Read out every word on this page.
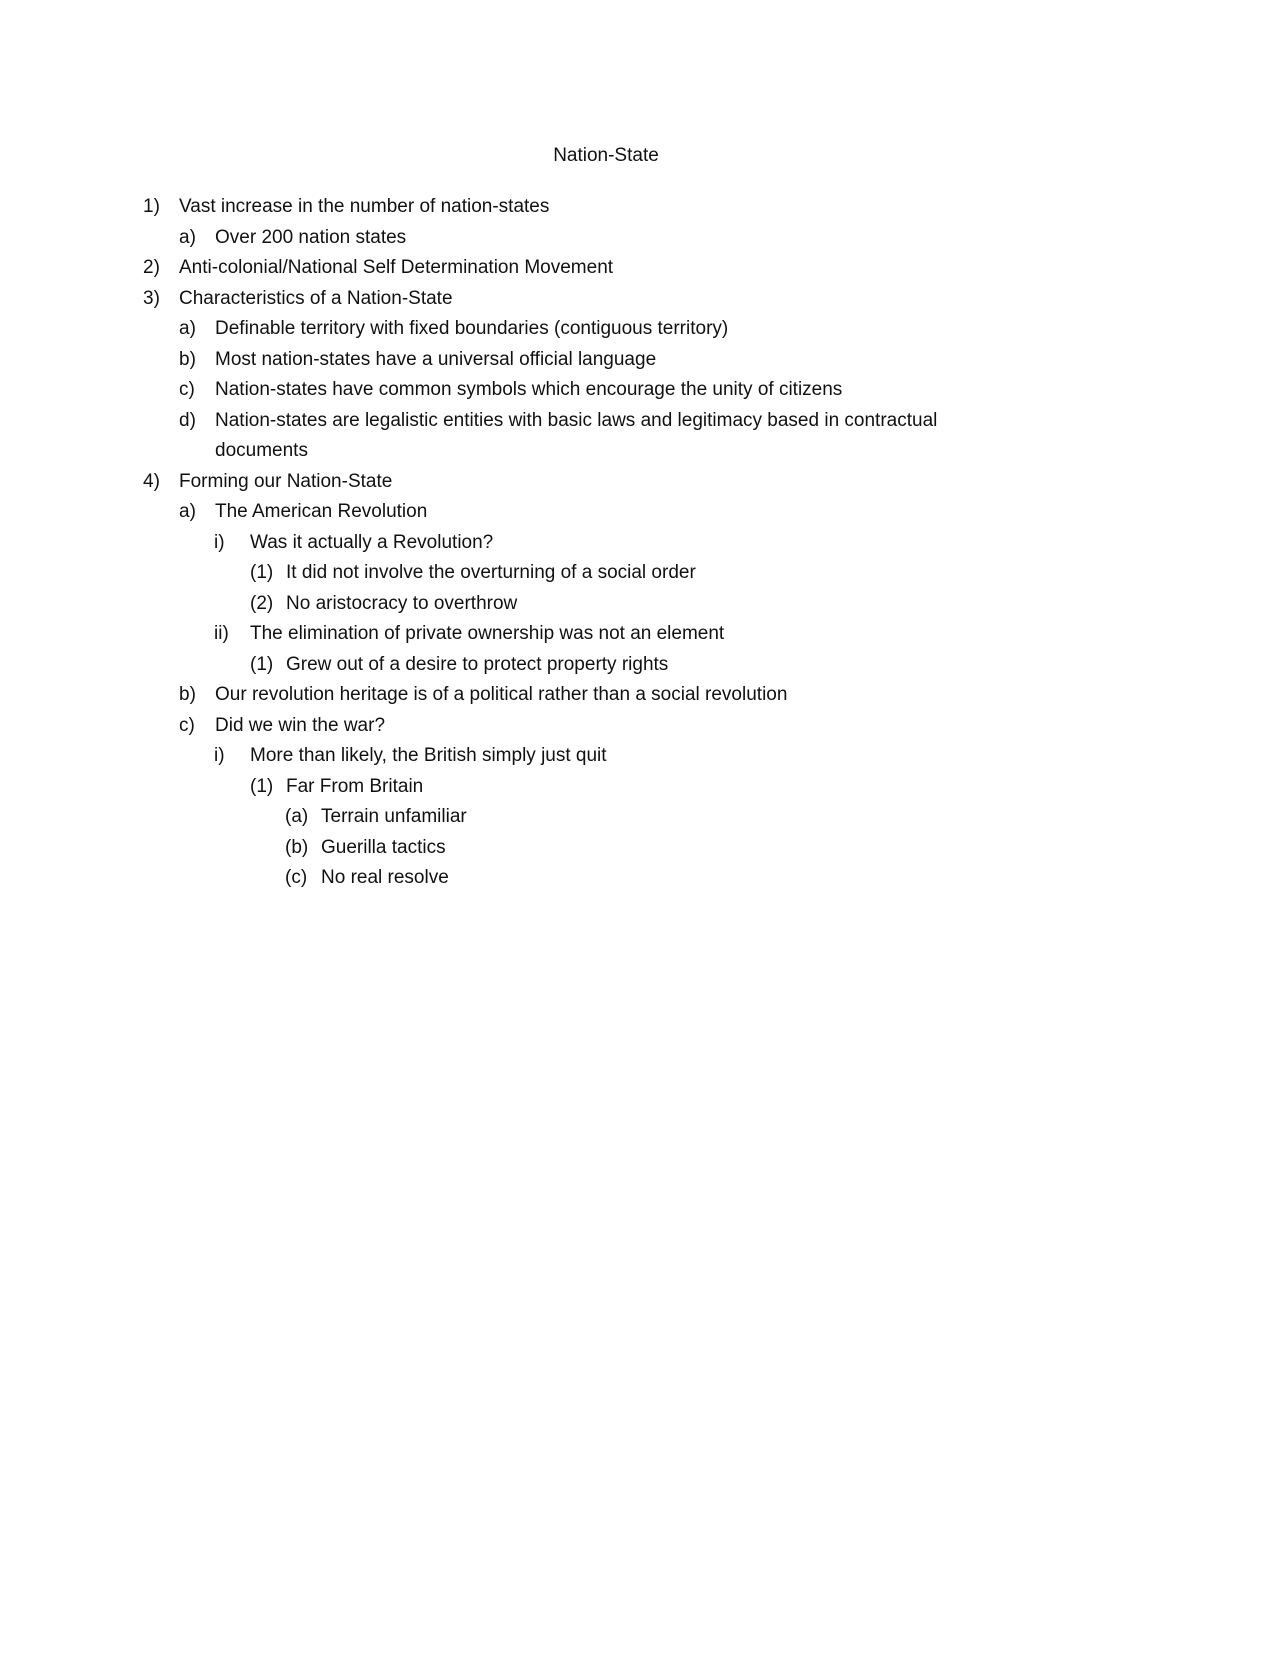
Nation-State
1) Vast increase in the number of nation-states
a) Over 200 nation states
2) Anti-colonial/National Self Determination Movement
3) Characteristics of a Nation-State
a) Definable territory with fixed boundaries (contiguous territory)
b) Most nation-states have a universal official language
c) Nation-states have common symbols which encourage the unity of citizens
d) Nation-states are legalistic entities with basic laws and legitimacy based in contractual documents
4) Forming our Nation-State
a) The American Revolution
i) Was it actually a Revolution?
(1) It did not involve the overturning of a social order
(2) No aristocracy to overthrow
ii) The elimination of private ownership was not an element
(1) Grew out of a desire to protect property rights
b) Our revolution heritage is of a political rather than a social revolution
c) Did we win the war?
i) More than likely, the British simply just quit
(1) Far From Britain
(a) Terrain unfamiliar
(b) Guerilla tactics
(c) No real resolve
